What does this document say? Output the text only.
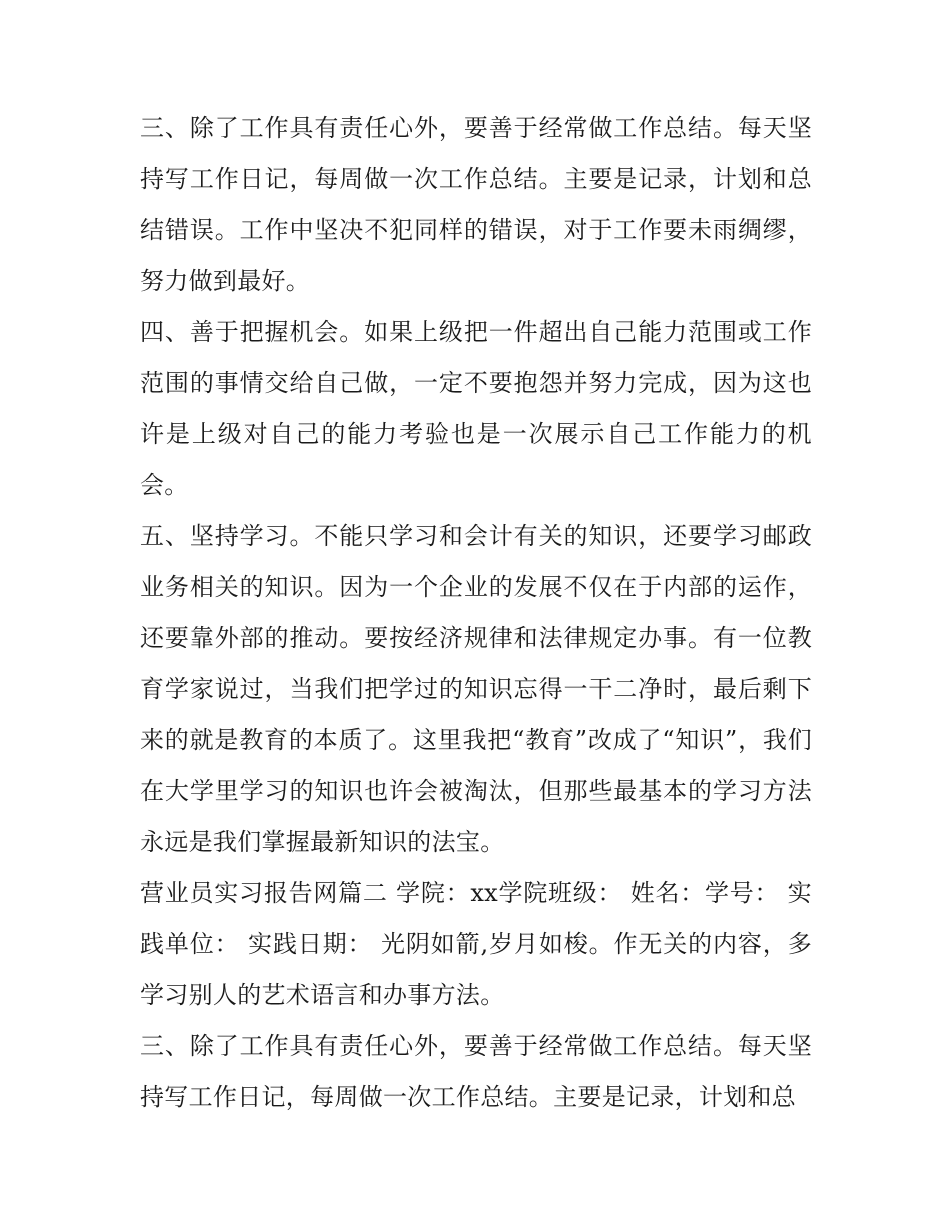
三、除了工作具有责任心外，要善于经常做工作总结。每天坚持写工作日记，每周做一次工作总结。主要是记录，计划和总结错误。工作中坚决不犯同样的错误，对于工作要未雨绸缪，努力做到最好。

四、善于把握机会。如果上级把一件超出自己能力范围或工作范围的事情交给自己做，一定不要抱怨并努力完成，因为这也许是上级对自己的能力考验也是一次展示自己工作能力的机会。

五、坚持学习。不能只学习和会计有关的知识，还要学习邮政业务相关的知识。因为一个企业的发展不仅在于内部的运作，还要靠外部的推动。要按经济规律和法律规定办事。有一位教育学家说过，当我们把学过的知识忘得一干二净时，最后剩下来的就是教育的本质了。这里我把“教育”改成了“知识”，我们在大学里学习的知识也许会被淘汰，但那些最基本的学习方法永远是我们掌握最新知识的法宝。

营业员实习报告网篇二 学院：xx学院班级： 姓名：学号： 实践单位： 实践日期： 光阴如箭,岁月如梭。作无关的内容，多学习别人的艺术语言和办事方法。

三、除了工作具有责任心外，要善于经常做工作总结。每天坚持写工作日记，每周做一次工作总结。主要是记录，计划和总
